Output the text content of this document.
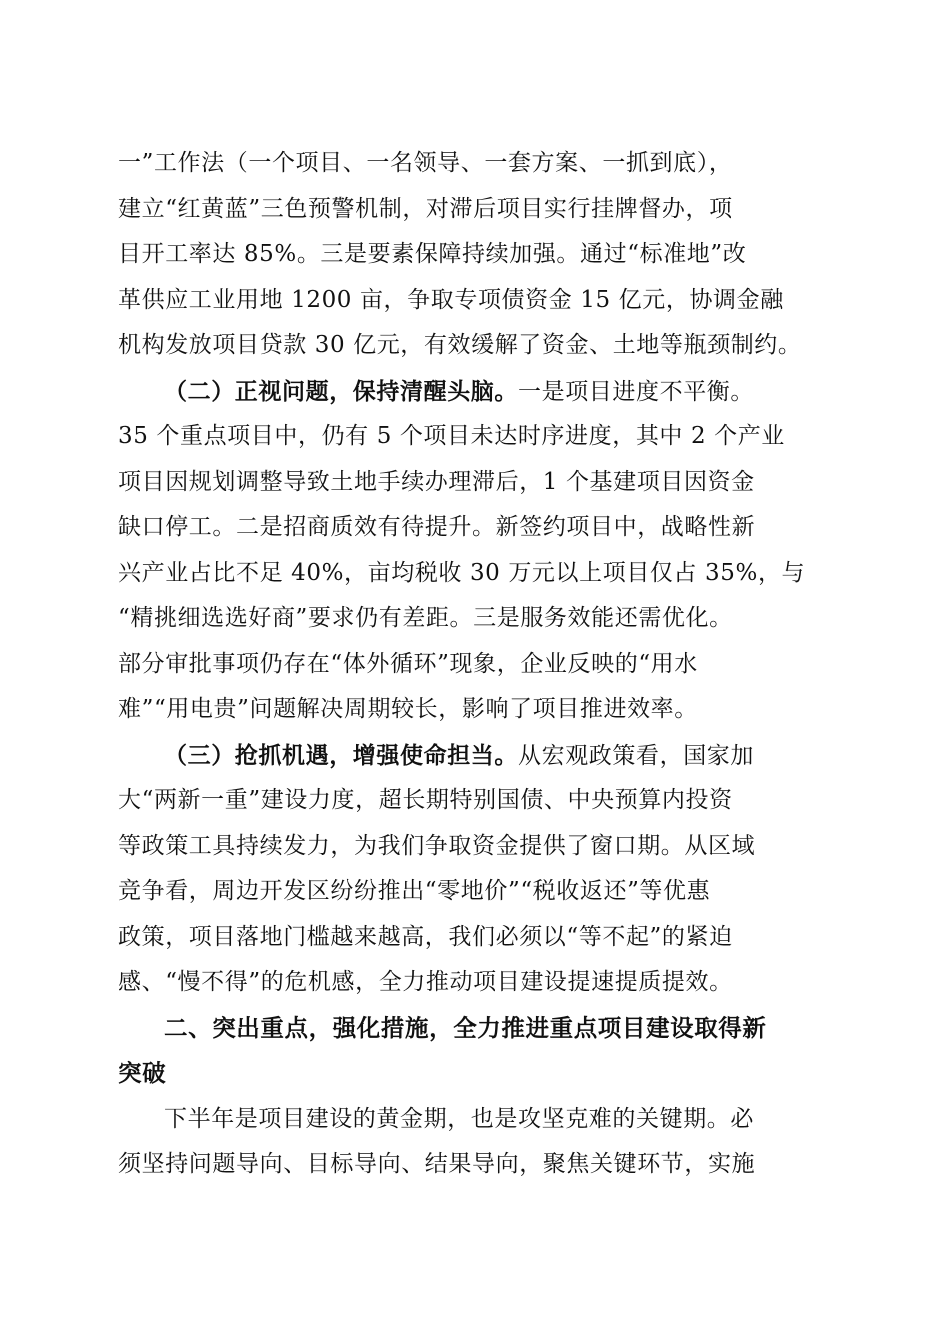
一”工作法（一个项目、一名领导、一套方案、一抓到底），
建立“红黄蓝”三色预警机制，对滞后项目实行挂牌督办，项
目开工率达 85%。三是要素保障持续加强。通过“标准地”改
革供应工业用地 1200 亩，争取专项债资金 15 亿元，协调金融
机构发放项目贷款 30 亿元，有效缓解了资金、土地等瓶颈制约。
（二）正视问题，保持清醒头脑。一是项目进度不平衡。
35 个重点项目中，仍有 5 个项目未达时序进度，其中 2 个产业
项目因规划调整导致土地手续办理滞后，1 个基建项目因资金
缺口停工。二是招商质效有待提升。新签约项目中，战略性新
兴产业占比不足 40%，亩均税收 30 万元以上项目仅占 35%，与
“精挑细选选好商”要求仍有差距。三是服务效能还需优化。
部分审批事项仍存在“体外循环”现象，企业反映的“用水
难”“用电贵”问题解决周期较长，影响了项目推进效率。
（三）抢抓机遇，增强使命担当。从宏观政策看，国家加
大“两新一重”建设力度，超长期特别国债、中央预算内投资
等政策工具持续发力，为我们争取资金提供了窗口期。从区域
竞争看，周边开发区纷纷推出“零地价”“税收返还”等优惠
政策，项目落地门槛越来越高，我们必须以“等不起”的紧迫
感、“慢不得”的危机感，全力推动项目建设提速提质提效。
二、突出重点，强化措施，全力推进重点项目建设取得新
突破
下半年是项目建设的黄金期，也是攻坚克难的关键期。必
须坚持问题导向、目标导向、结果导向，聚焦关键环节，实施
